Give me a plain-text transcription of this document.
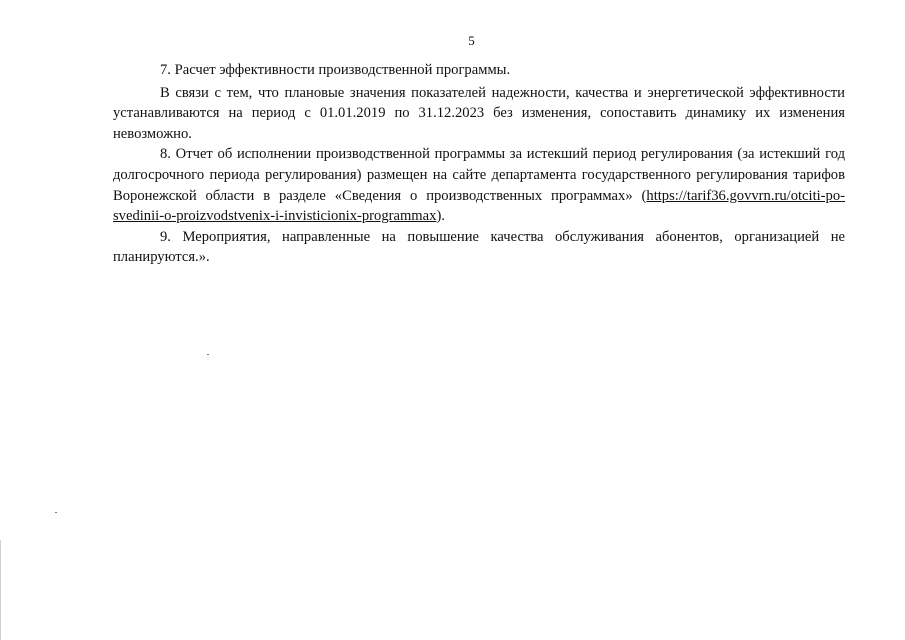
5

7. Расчет эффективности производственной программы.

В связи с тем, что плановые значения показателей надежности, качества и энергетической эффективности устанавливаются на период с 01.01.2019 по 31.12.2023 без изменения, сопоставить динамику их изменения невозможно.

8. Отчет об исполнении производственной программы за истекший период регулирования (за истекший год долгосрочного периода регулирования) размещен на сайте департамента государственного регулирования тарифов Воронежской области в разделе «Сведения о производственных программах» (https://tarif36.govvrn.ru/otciti-po-svedinii-o-proizvodstvenix-i-invisticionix-programmax).

9. Мероприятия, направленные на повышение качества обслуживания абонентов, организацией не планируются.».
